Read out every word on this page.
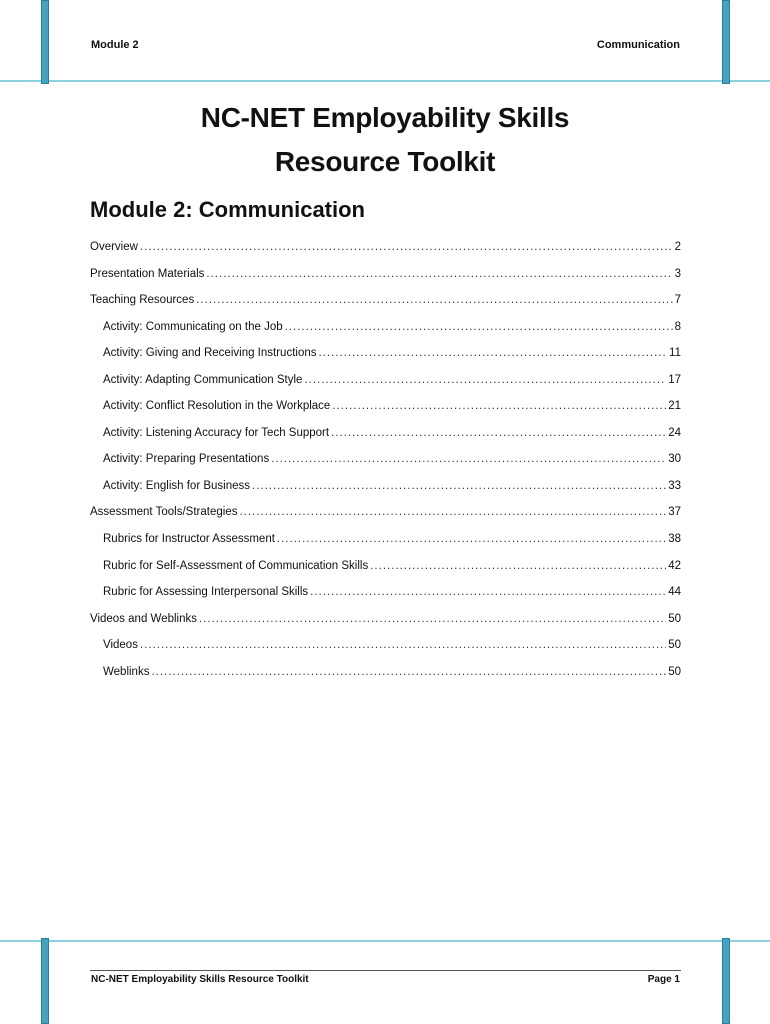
Module 2	Communication
NC-NET Employability Skills
Resource Toolkit
Module 2: Communication
Overview .....	2
Presentation Materials .....	3
Teaching Resources .....	7
Activity: Communicating on the Job .....	8
Activity: Giving and Receiving Instructions .....	11
Activity: Adapting Communication Style .....	17
Activity: Conflict Resolution in the Workplace .....	21
Activity: Listening Accuracy for Tech Support .....	24
Activity: Preparing Presentations .....	30
Activity: English for Business .....	33
Assessment Tools/Strategies .....	37
Rubrics for Instructor Assessment .....	38
Rubric for Self-Assessment of Communication Skills .....	42
Rubric for Assessing Interpersonal Skills .....	44
Videos and Weblinks .....	50
Videos .....	50
Weblinks .....	50
NC-NET Employability Skills Resource Toolkit	Page 1
